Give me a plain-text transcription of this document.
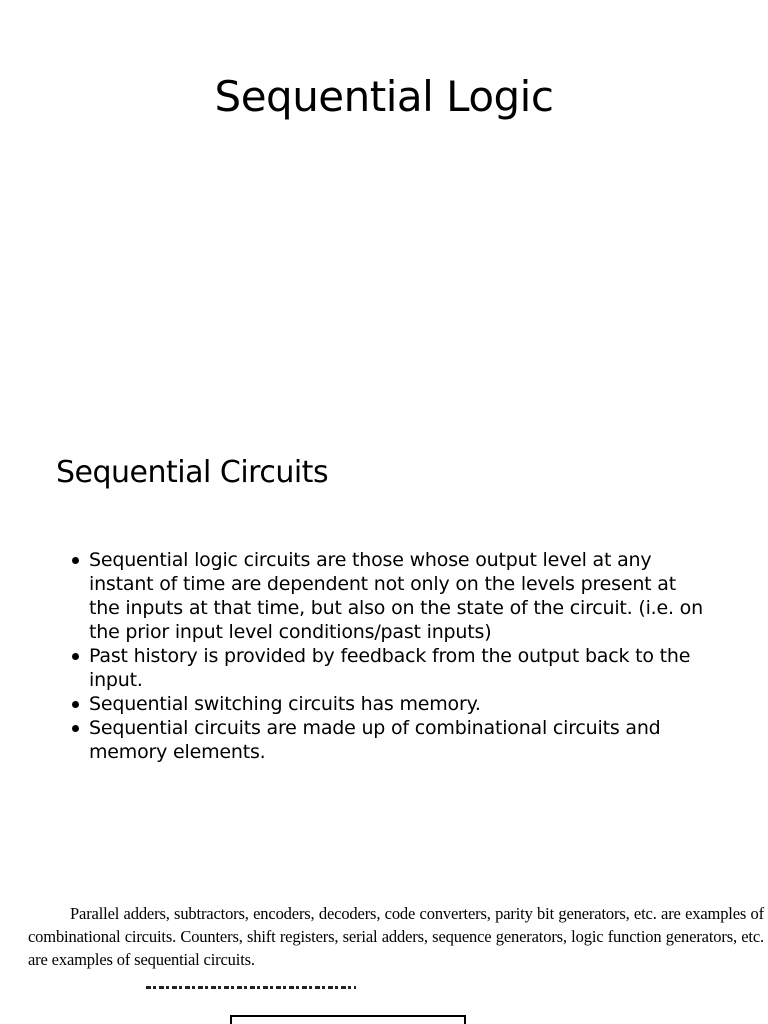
Sequential Logic
Sequential Circuits
Sequential logic circuits are those whose output level at any instant of time are dependent not only on the levels present at the inputs at that time, but also on the state of the circuit. (i.e. on the prior input level conditions/past inputs)
Past history is provided by feedback from the output back to the input.
Sequential switching circuits has memory.
Sequential circuits are made up of combinational circuits and memory elements.

Parallel adders, subtractors, encoders, decoders, code converters, parity bit generators, etc. are examples of combinational circuits. Counters, shift registers, serial adders, sequence generators, logic function generators, etc. are examples of sequential circuits.
